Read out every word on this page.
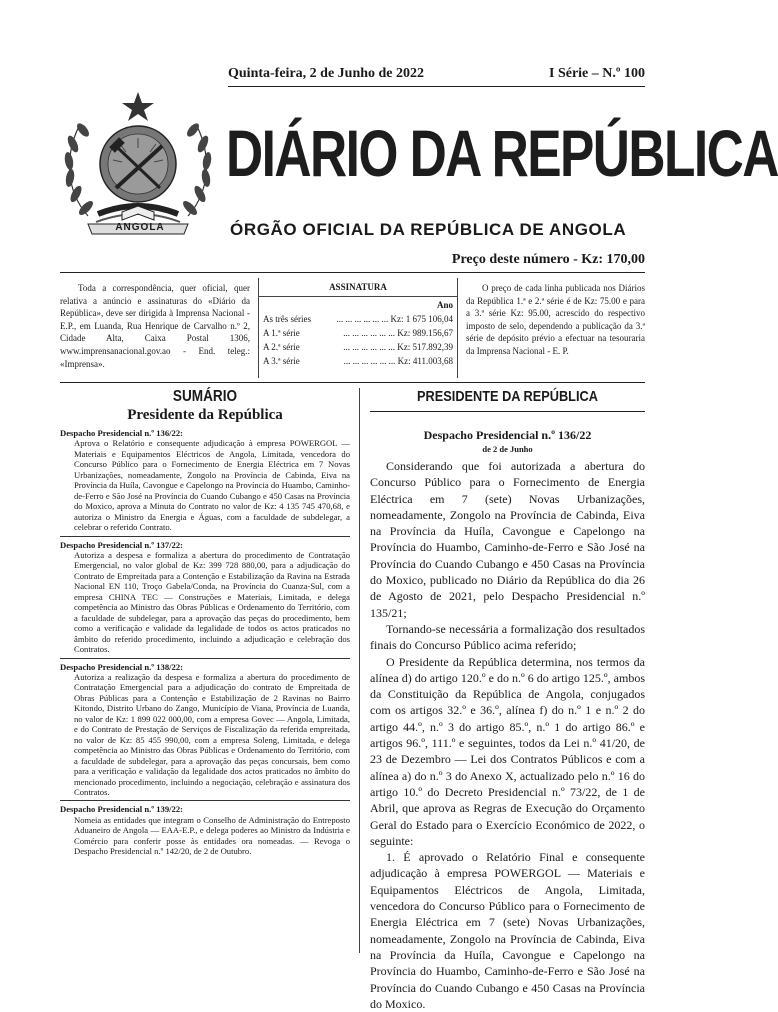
Quinta-feira, 2 de Junho de 2022	I Série – N.º 100
ANGOLA
DIÁRIO DA REPÚBLICA
ÓRGÃO OFICIAL DA REPÚBLICA DE ANGOLA
Preço deste número - Kz: 170,00
Toda a correspondência, quer oficial, quer relativa a anúncio e assinaturas do «Diário da República», deve ser dirigida à Imprensa Nacional - E.P., em Luanda, Rua Henrique de Carvalho n.º 2, Cidade Alta, Caixa Postal 1306, www.imprensanacional.gov.ao - End. teleg.: «Imprensa».
ASSINATURA
Ano
As três séries	... ... ... ... ... ... Kz: 1 675 106,04
A 1.ª série	... ... ... ... ... ... Kz: 989.156,67
A 2.ª série	... ... ... ... ... ... Kz: 517.892,39
A 3.ª série	... ... ... ... ... ... Kz: 411.003,68
O preço de cada linha publicada nos Diários da República 1.ª e 2.ª série é de Kz: 75.00 e para a 3.ª série Kz: 95.00, acrescido do respectivo imposto de selo, dependendo a publicação da 3.ª série de depósito prévio a efectuar na tesouraria da Imprensa Nacional - E. P.
SUMÁRIO
Presidente da República
Despacho Presidencial n.º 136/22:
Aprova o Relatório e consequente adjudicação à empresa POWERGOL — Materiais e Equipamentos Eléctricos de Angola, Limitada, vencedora do Concurso Público para o Fornecimento de Energia Eléctrica em 7 Novas Urbanizações, nomeadamente, Zongolo na Província de Cabinda, Eiva na Província da Huíla, Cavongue e Capelongo na Província do Huambo, Caminho-de-Ferro e São José na Província do Cuando Cubango e 450 Casas na Província do Moxico, aprova a Minuta do Contrato no valor de Kz: 4 135 745 470,68, e autoriza o Ministro da Energia e Águas, com a faculdade de subdelegar, a celebrar o referido Contrato.
Despacho Presidencial n.º 137/22:
Autoriza a despesa e formaliza a abertura do procedimento de Contratação Emergencial, no valor global de Kz: 399 728 880,00, para a adjudicação do Contrato de Empreitada para a Contenção e Estabilização da Ravina na Estrada Nacional EN 110, Troço Gabela/Conda, na Província do Cuanza-Sul, com a empresa CHINA TEC — Construções e Materiais, Limitada, e delega competência ao Ministro das Obras Públicas e Ordenamento do Território, com a faculdade de subdelegar, para a aprovação das peças do procedimento, bem como a verificação e validade da legalidade de todos os actos praticados no âmbito do referido procedimento, incluindo a adjudicação e celebração dos Contratos.
Despacho Presidencial n.º 138/22:
Autoriza a realização da despesa e formaliza a abertura do procedimento de Contratação Emergencial para a adjudicação do contrato de Empreitada de Obras Públicas para a Contenção e Estabilização de 2 Ravinas no Bairro Kitondo, Distrito Urbano do Zango, Município de Viana, Província de Luanda, no valor de Kz: 1 899 022 000,00, com a empresa Govec — Angola, Limitada, e do Contrato de Prestação de Serviços de Fiscalização da referida empreitada, no valor de Kz: 85 455 990,00, com a empresa Soleng, Limitada, e delega competência ao Ministro das Obras Públicas e Ordenamento do Território, com a faculdade de subdelegar, para a aprovação das peças concursais, bem como para a verificação e validação da legalidade dos actos praticados no âmbito do mencionado procedimento, incluindo a negociação, celebração e assinatura dos Contratos.
Despacho Presidencial n.º 139/22:
Nomeia as entidades que integram o Conselho de Administração do Entreposto Aduaneiro de Angola — EAA-E.P., e delega poderes ao Ministro da Indústria e Comércio para conferir posse às entidades ora nomeadas. — Revoga o Despacho Presidencial n.º 142/20, de 2 de Outubro.
PRESIDENTE DA REPÚBLICA
Despacho Presidencial n.º 136/22
de 2 de Junho

Considerando que foi autorizada a abertura do Concurso Público para o Fornecimento de Energia Eléctrica em 7 (sete) Novas Urbanizações, nomeadamente, Zongolo na Província de Cabinda, Eiva na Província da Huíla, Cavongue e Capelongo na Província do Huambo, Caminho-de-Ferro e São José na Província do Cuando Cubango e 450 Casas na Província do Moxico, publicado no Diário da República do dia 26 de Agosto de 2021, pelo Despacho Presidencial n.º 135/21;

Tornando-se necessária a formalização dos resultados finais do Concurso Público acima referido;

O Presidente da República determina, nos termos da alínea d) do artigo 120.º e do n.º 6 do artigo 125.º, ambos da Constituição da República de Angola, conjugados com os artigos 32.º e 36.º, alínea f) do n.º 1 e n.º 2 do artigo 44.º, n.º 3 do artigo 85.º, n.º 1 do artigo 86.º e artigos 96.º, 111.º e seguintes, todos da Lei n.º 41/20, de 23 de Dezembro — Lei dos Contratos Públicos e com a alínea a) do n.º 3 do Anexo X, actualizado pelo n.º 16 do artigo 10.º do Decreto Presidencial n.º 73/22, de 1 de Abril, que aprova as Regras de Execução do Orçamento Geral do Estado para o Exercício Económico de 2022, o seguinte:

1. É aprovado o Relatório Final e consequente adjudicação à empresa POWERGOL — Materiais e Equipamentos Eléctricos de Angola, Limitada, vencedora do Concurso Público para o Fornecimento de Energia Eléctrica em 7 (sete) Novas Urbanizações, nomeadamente, Zongolo na Província de Cabinda, Eiva na Província da Huíla, Cavongue e Capelongo na Província do Huambo, Caminho-de-Ferro e São José na Província do Cuando Cubango e 450 Casas na Província do Moxico.
